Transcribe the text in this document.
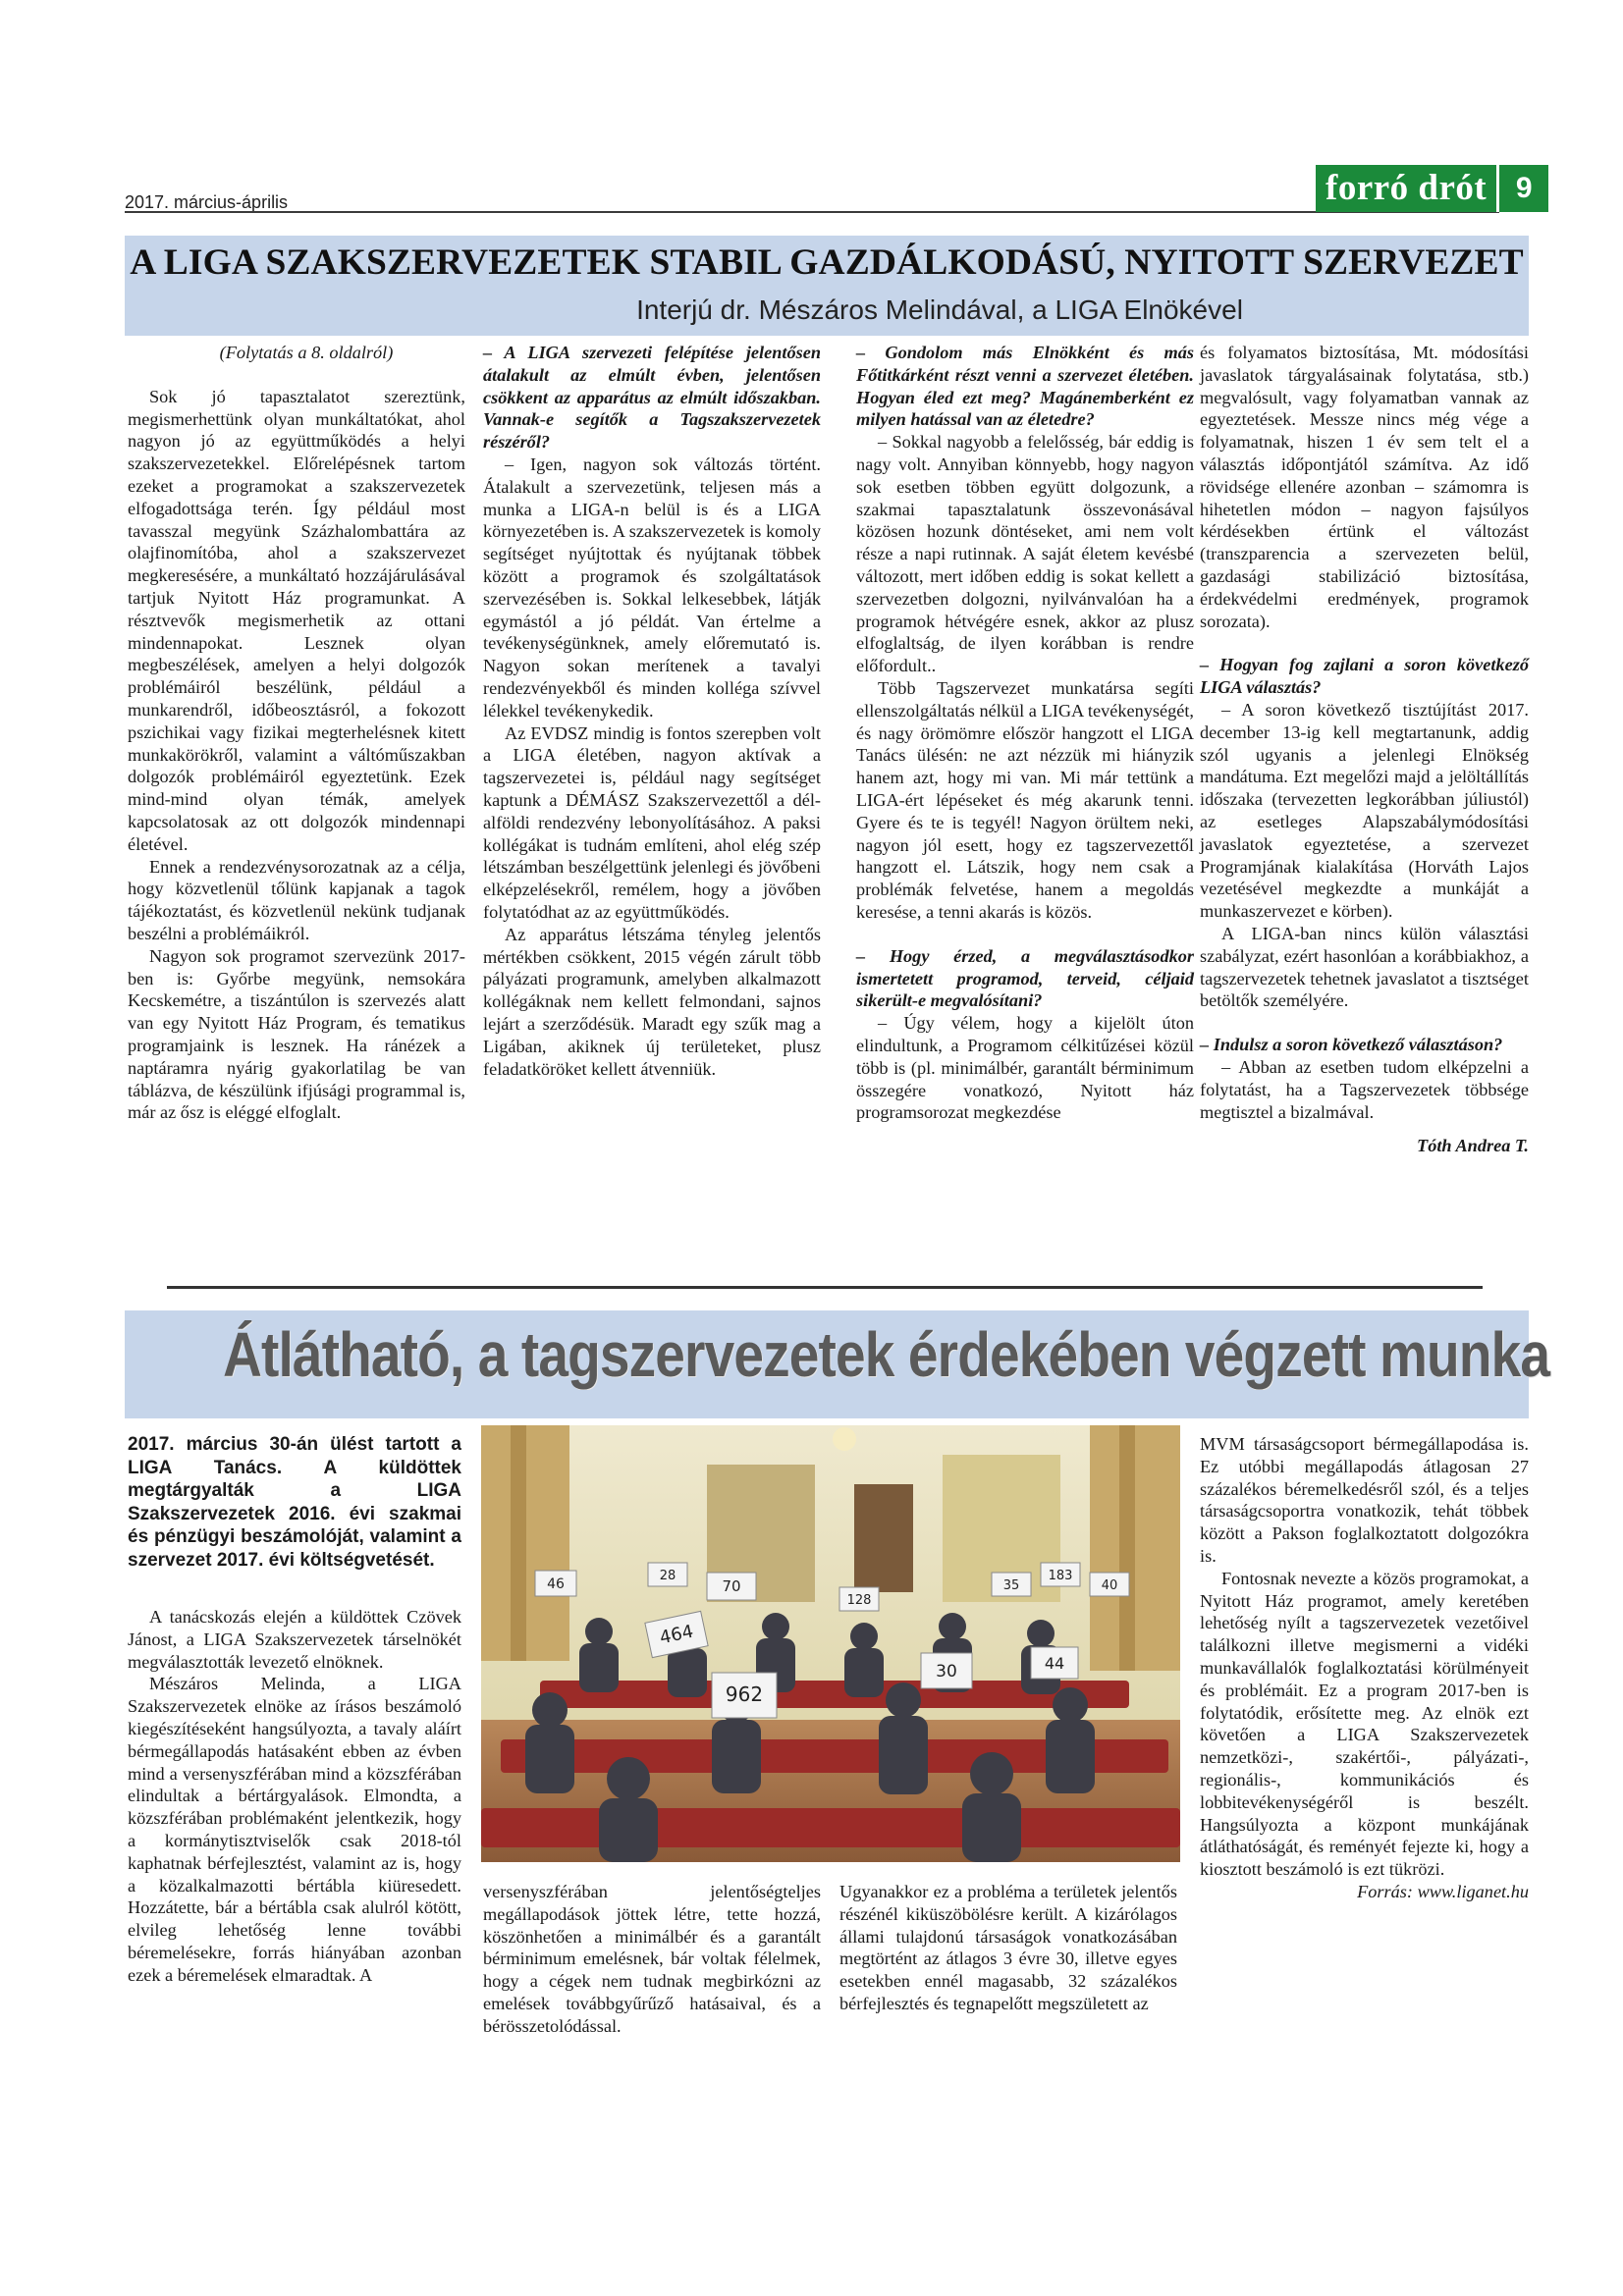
2017. március-április	forró drót 9
A LIGA SZAKSZERVEZETEK STABIL GAZDÁLKODÁSÚ, NYITOTT SZERVEZET
Interjú dr. Mészáros Melindával, a LIGA Elnökével

(Folytatás a 8. oldalról)

Sok jó tapasztalatot szereztünk, megismerhettünk olyan munkáltatókat, ahol nagyon jó az együttműködés a helyi szakszervezetekkel. Előrelépésnek tartom ezeket a programokat a szakszervezetek elfogadottsága terén. Így például most tavasszal megyünk Százhalombattára az olajfinomítóba, ahol a szakszervezet megkeresésére, a munkáltató hozzájárulásával tartjuk Nyitott Ház programunkat. A résztvevők megismerhetik az ottani mindennapokat. Lesznek olyan megbeszélések, amelyen a helyi dolgozók problémáiról beszélünk, például a munkarendről, időbeosztásról, a fokozott pszichikai vagy fizikai megterhelésnek kitett munkakörökről, valamint a váltóműszakban dolgozók problémáiról egyeztetünk. Ezek mind-mind olyan témák, amelyek kapcsolatosak az ott dolgozók mindennapi életével.

Ennek a rendezvénysorozatnak az a célja, hogy közvetlenül tőlünk kapjanak a tagok tájékoztatást, és közvetlenül nekünk tudjanak beszélni a problémáikról.

Nagyon sok programot szervezünk 2017-ben is: Győrbe megyünk, nemsokára Kecskemétre, a tiszántúlon is szervezés alatt van egy Nyitott Ház Program, és tematikus programjaink is lesznek. Ha ránézek a naptáramra nyárig gyakorlatilag be van táblázva, de készülünk ifjúsági programmal is, már az ősz is eléggé elfoglalt.

– A LIGA szervezeti felépítése jelentősen átalakult az elmúlt évben, jelentősen csökkent az apparátus az elmúlt időszakban. Vannak-e segítők a Tagszakszervezetek részéről?

– Igen, nagyon sok változás történt. Átalakult a szervezetünk, teljesen más a munka a LIGA-n belül is és a LIGA környezetében is. A szakszervezetek is komoly segítséget nyújtottak és nyújtanak többek között a programok és szolgáltatások szervezésében is. Sokkal lelkesebbek, látják egymástól a jó példát. Van értelme a tevékenységünknek, amely előremutató is. Nagyon sokan merítenek a tavalyi rendezvényekből és minden kolléga szívvel lélekkel tevékenykedik.

Az EVDSZ mindig is fontos szerepben volt a LIGA életében, nagyon aktívak a tagszervezetei is, például nagy segítséget kaptunk a DÉMÁSZ Szakszervezettől a dél-alföldi rendezvény lebonyolításához. A paksi kollégákat is tudnám említeni, ahol elég szép létszámban beszélgettünk jelenlegi és jövőbeni elképzelésekről, remélem, hogy a jövőben folytatódhat az az együttműködés.

Az apparátus létszáma tényleg jelentős mértékben csökkent, 2015 végén zárult több pályázati programunk, amelyben alkalmazott kollégáknak nem kellett felmondani, sajnos lejárt a szerződésük. Maradt egy szűk mag a Ligában, akiknek új területeket, plusz feladatköröket kellett átvenniük.

– Gondolom más Elnökként és más Főtitkárként részt venni a szervezet életében. Hogyan éled ezt meg? Magánemberként ez milyen hatással van az életedre?

– Sokkal nagyobb a felelősség, bár eddig is nagy volt. Annyiban könnyebb, hogy nagyon sok esetben többen együtt dolgozunk, a szakmai tapasztalatunk összevonásával közösen hozunk döntéseket, ami nem volt része a napi rutinnak. A saját életem kevésbé változott, mert időben eddig is sokat kellett a szervezetben dolgozni, nyilvánvalóan ha a programok hétvégére esnek, akkor az plusz elfoglaltság, de ilyen korábban is rendre előfordult..

Több Tagszervezet munkatársa segíti ellenszolgáltatás nélkül a LIGA tevékenységét, és nagy örömömre először hangzott el LIGA Tanács ülésén: ne azt nézzük mi hiányzik hanem azt, hogy mi van. Mi már tettünk a LIGA-ért lépéseket és még akarunk tenni. Gyere és te is tegyél! Nagyon örültem neki, nagyon jól esett, hogy ez tagszervezettől hangzott el. Látszik, hogy nem csak a problémák felvetése, hanem a megoldás keresése, a tenni akarás is közös.

– Hogy érzed, a megválasztásodkor ismertetett programod, terveid, céljaid sikerült-e megvalósítani?

– Úgy vélem, hogy a kijelölt úton elindultunk, a Programom célkitűzései közül több is (pl. minimálbér, garantált bérminimum összegére vonatkozó, Nyitott ház programsorozat megkezdése

és folyamatos biztosítása, Mt. módosítási javaslatok tárgyalásainak folytatása, stb.) megvalósult, vagy folyamatban vannak az egyeztetések. Messze nincs még vége a folyamatnak, hiszen 1 év sem telt el a választás időpontjától számítva. Az idő rövidsége ellenére azonban – számomra is hihetetlen módon – nagyon fajsúlyos kérdésekben értünk el változást (transzparencia a szervezeten belül, gazdasági stabilizáció biztosítása, érdekvédelmi eredmények, programok sorozata).

– Hogyan fog zajlani a soron következő LIGA választás?

– A soron következő tisztújítást 2017. december 13-ig kell megtartanunk, addig szól ugyanis a jelenlegi Elnökség mandátuma. Ezt megelőzi majd a jelöltállítás időszaka (tervezetten legkorábban júliustól) az esetleges Alapszabálymódosítási javaslatok egyeztetése, a szervezet Programjának kialakítása (Horváth Lajos vezetésével megkezdte a munkáját a munkaszervezet e körben).

A LIGA-ban nincs külön választási szabályzat, ezért hasonlóan a korábbiakhoz, a tagszervezetek tehetnek javaslatot a tisztséget betöltők személyére.

– Indulsz a soron következő választáson?

– Abban az esetben tudom elképzelni a folytatást, ha a Tagszervezetek többsége megtisztel a bizalmával.

Tóth Andrea T.

Átlátható, a tagszervezetek érdekében végzett munka
2017. március 30-án ülést tartott a LIGA Tanács. A küldöttek megtárgyalták a LIGA Szakszervezetek 2016. évi szakmai és pénzügyi beszámolóját, valamint a szervezet 2017. évi költségvetését.

A tanácskozás elején a küldöttek Czövek Jánost, a LIGA Szakszervezetek társelnökét megválasztották levezető elnöknek.

Mészáros Melinda, a LIGA Szakszervezetek elnöke az írásos beszámoló kiegészítéseként hangsúlyozta, a tavaly aláírt bérmegállapodás hatásaként ebben az évben mind a versenyszférában mind a közszférában elindultak a bértárgyalások. Elmondta, a közszférában problémaként jelentkezik, hogy a kormánytisztviselők csak 2018-tól kaphatnak bérfejlesztést, valamint az is, hogy a közalkalmazotti bértábla kiüresedett. Hozzátette, bár a bértábla csak alulról kötött, elvileg lehetőség lenne további béremelésekre, forrás hiányában azonban ezek a béremelések elmaradtak. A

versenyszférában jelentőségteljes megállapodások jöttek létre, tette hozzá, köszönhetően a minimálbér és a garantált bérminimum emelésnek, bár voltak félelmek, hogy a cégek nem tudnak megbirkózni az emelések továbbgyűrűző hatásaival, és a bérösszetolódással.

Ugyanakkor ez a probléma a területek jelentős részénél kiküszöbölésre került. A kizárólagos állami tulajdonú társaságok vonatkozásában megtörtént az átlagos 3 évre 30, illetve egyes esetekben ennél magasabb, 32 százalékos bérfejlesztés és tegnapelőtt megszületett az

MVM társaságcsoport bérmegállapodása is. Ez utóbbi megállapodás átlagosan 27 százalékos béremelkedésről szól, és a teljes társaságcsoportra vonatkozik, tehát többek között a Pakson foglalkoztatott dolgozókra is.

Fontosnak nevezte a közös programokat, a Nyitott Ház programot, amely keretében lehetőség nyílt a tagszervezetek vezetőivel találkozni illetve megismerni a vidéki munkavállalók foglalkoztatási körülményeit és problémáit. Ez a program 2017-ben is folytatódik, erősítette meg. Az elnök ezt követően a LIGA Szakszervezetek nemzetközi-, szakértői-, pályázati-, regionális-, kommunikációs és lobbitevékenységéről is beszélt. Hangsúlyozta a központ munkájának átláthatóságát, és reményét fejezte ki, hogy a kiosztott beszámoló is ezt tükrözi.

Forrás: www.liganet.hu

46	70
28
464
962
30	44
35	40
128
183
